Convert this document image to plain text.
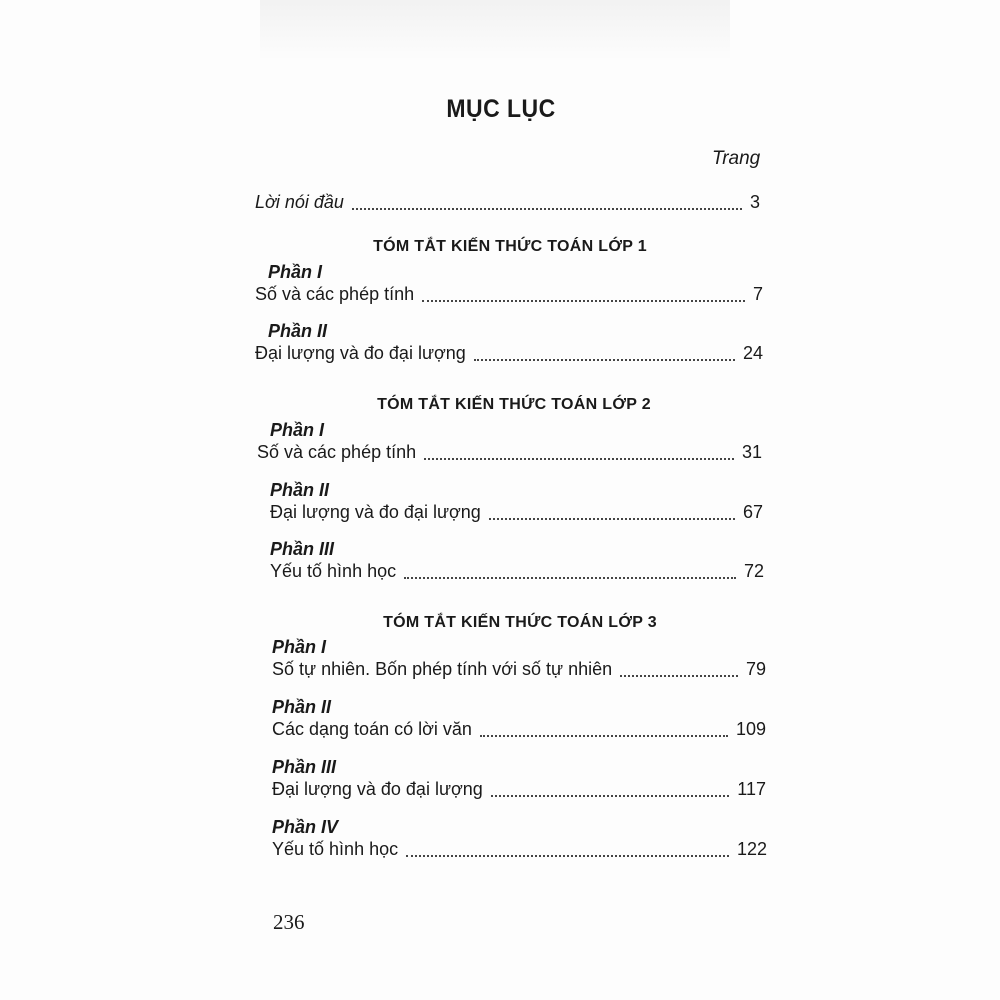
MỤC LỤC
Trang
Lời nói đầu	3
TÓM TẮT KIẾN THỨC TOÁN LỚP 1
Phần I
Số và các phép tính	7
Phần II
Đại lượng và đo đại lượng	24
TÓM TẮT KIẾN THỨC TOÁN LỚP 2
Phần I
Số và các phép tính	31
Phần II
Đại lượng và đo đại lượng	67
Phần III
Yếu tố hình học	72
TÓM TẮT KIẾN THỨC TOÁN LỚP 3
Phần I
Số tự nhiên. Bốn phép tính với số tự nhiên	79
Phần II
Các dạng toán có lời văn	109
Phần III
Đại lượng và đo đại lượng	117
Phần IV
Yếu tố hình học	122
236
